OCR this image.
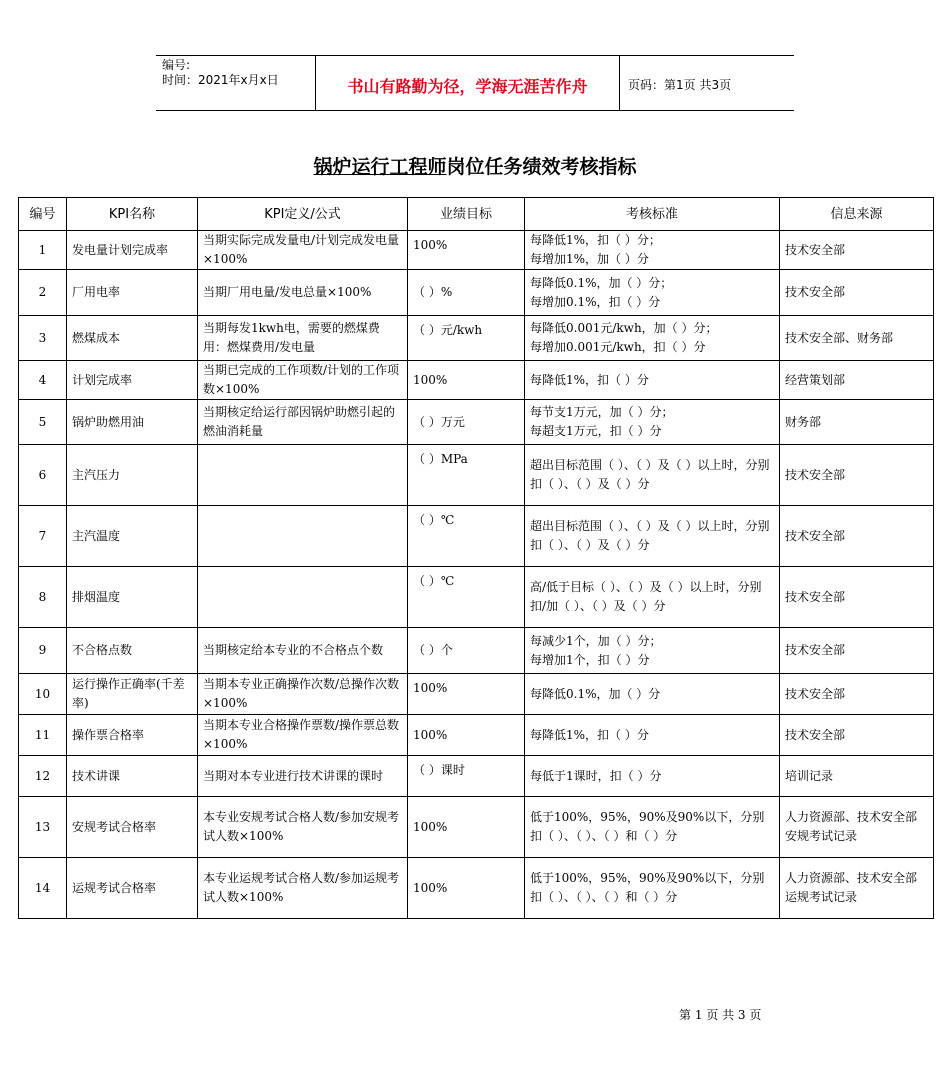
编号:
时间：2021年x月x日	书山有路勤为径，学海无涯苦作舟	页码：第1页 共3页
锅炉运行工程师岗位任务绩效考核指标
编号	KPI名称	KPI定义/公式	业绩目标	考核标准	信息来源
1	发电量计划完成率	当期实际完成发量电/计划完成发电量×100%	100%	每降低1%，扣（ ）分；
每增加1%，加（ ）分	技术安全部
2	厂用电率	当期厂用电量/发电总量×100%	（ ）%	每降低0.1%，加（ ）分；
每增加0.1%，扣（ ）分	技术安全部
3	燃煤成本	当期每发1kwh电，需要的燃煤费用：燃煤费用/发电量	（ ）元/kwh	每降低0.001元/kwh，加（ ）分；
每增加0.001元/kwh，扣（ ）分	技术安全部、财务部
4	计划完成率	当期已完成的工作项数/计划的工作项数×100%	100%	每降低1%，扣（ ）分	经营策划部
5	锅炉助燃用油	当期核定给运行部因锅炉助燃引起的燃油消耗量	（ ）万元	每节支1万元，加（ ）分；
每超支1万元，扣（ ）分	财务部
6	主汽压力		（ ）MPa	超出目标范围（ ）、（ ）及（ ）以上时，分别扣（ ）、（ ）及（ ）分	技术安全部
7	主汽温度		（ ）℃	超出目标范围（ ）、（ ）及（ ）以上时，分别扣（ ）、（ ）及（ ）分	技术安全部
8	排烟温度		（ ）℃	高/低于目标（ ）、（ ）及（ ）以上时，分别扣/加（ ）、（ ）及（ ）分	技术安全部
9	不合格点数	当期核定给本专业的不合格点个数	（ ）个	每减少1个，加（ ）分；
每增加1个，扣（ ）分	技术安全部
10	运行操作正确率(千差率)	当期本专业正确操作次数/总操作次数×100%	100%	每降低0.1%，加（ ）分	技术安全部
11	操作票合格率	当期本专业合格操作票数/操作票总数×100%	100%	每降低1%，扣（ ）分	技术安全部
12	技术讲课	当期对本专业进行技术讲课的课时	（ ）课时	每低于1课时，扣（ ）分	培训记录
13	安规考试合格率	本专业安规考试合格人数/参加安规考试人数×100%	100%	低于100%，95%，90%及90%以下，分别扣（ ）、（ ）、（ ）和（ ）分	人力资源部、技术安全部安规考试记录
14	运规考试合格率	本专业运规考试合格人数/参加运规考试人数×100%	100%	低于100%，95%，90%及90%以下，分别扣（ ）、（ ）、（ ）和（ ）分	人力资源部、技术安全部运规考试记录
第 1 页 共 3 页
